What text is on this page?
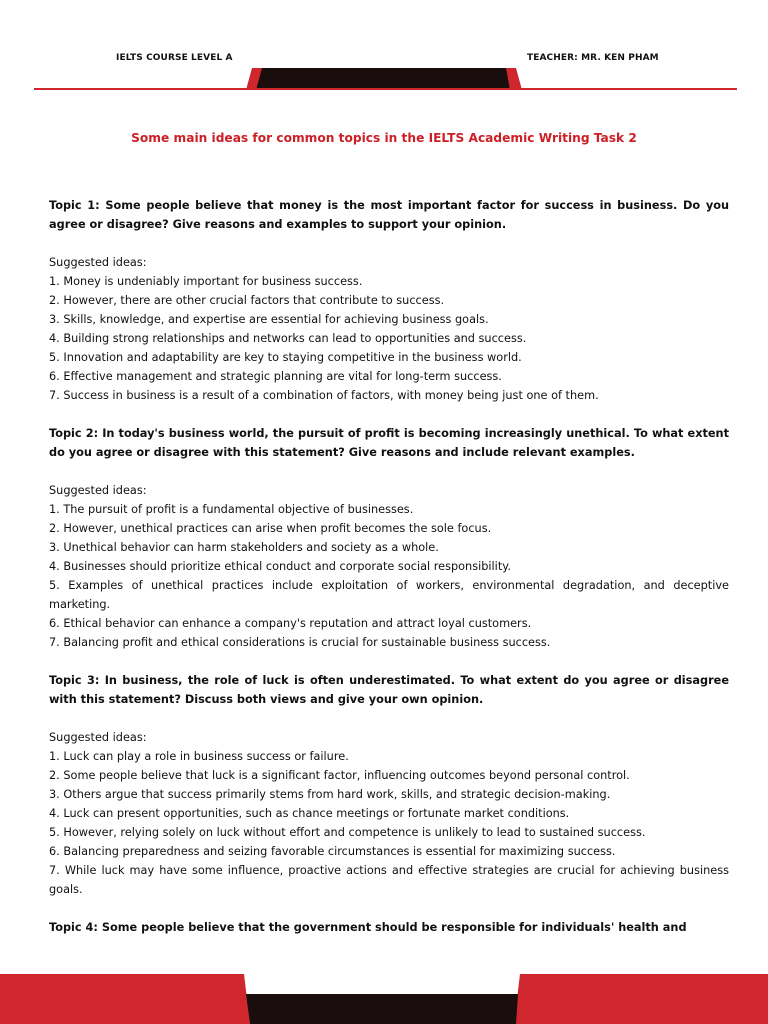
IELTS COURSE LEVEL A	TEACHER: MR. KEN PHAM
Some main ideas for common topics in the IELTS Academic Writing Task 2

Topic 1: Some people believe that money is the most important factor for success in business. Do you agree or disagree? Give reasons and examples to support your opinion.

Suggested ideas:

1. Money is undeniably important for business success.

2. However, there are other crucial factors that contribute to success.

3. Skills, knowledge, and expertise are essential for achieving business goals.

4. Building strong relationships and networks can lead to opportunities and success.

5. Innovation and adaptability are key to staying competitive in the business world.

6. Effective management and strategic planning are vital for long-term success.

7. Success in business is a result of a combination of factors, with money being just one of them.

Topic 2: In today's business world, the pursuit of profit is becoming increasingly unethical. To what extent do you agree or disagree with this statement? Give reasons and include relevant examples.

Suggested ideas:

1. The pursuit of profit is a fundamental objective of businesses.

2. However, unethical practices can arise when profit becomes the sole focus.

3. Unethical behavior can harm stakeholders and society as a whole.

4. Businesses should prioritize ethical conduct and corporate social responsibility.

5. Examples of unethical practices include exploitation of workers, environmental degradation, and deceptive marketing.

6. Ethical behavior can enhance a company's reputation and attract loyal customers.

7. Balancing profit and ethical considerations is crucial for sustainable business success.

Topic 3: In business, the role of luck is often underestimated. To what extent do you agree or disagree with this statement? Discuss both views and give your own opinion.

Suggested ideas:

1. Luck can play a role in business success or failure.

2. Some people believe that luck is a significant factor, influencing outcomes beyond personal control.

3. Others argue that success primarily stems from hard work, skills, and strategic decision-making.

4. Luck can present opportunities, such as chance meetings or fortunate market conditions.

5. However, relying solely on luck without effort and competence is unlikely to lead to sustained success.

6. Balancing preparedness and seizing favorable circumstances is essential for maximizing success.

7. While luck may have some influence, proactive actions and effective strategies are crucial for achieving business goals.

Topic 4: Some people believe that the government should be responsible for individuals' health and
